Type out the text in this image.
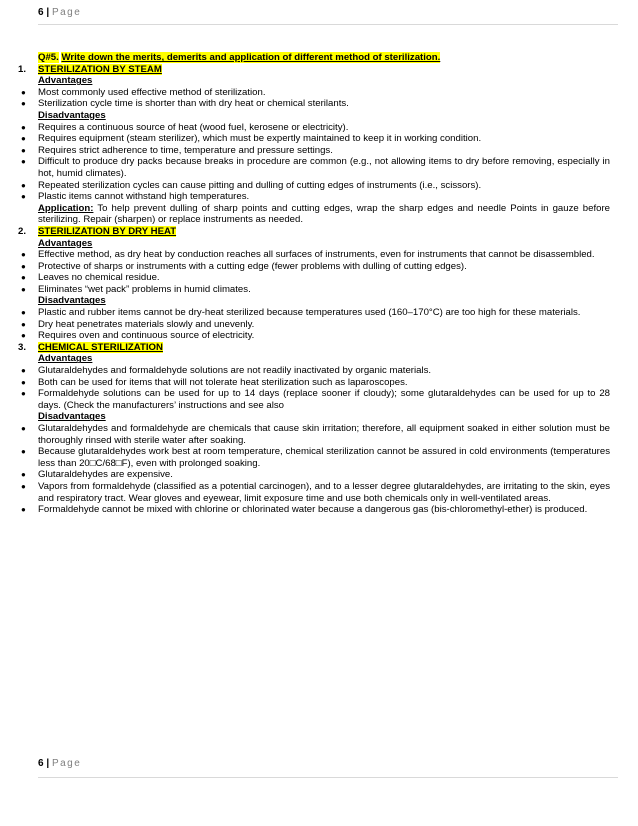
6 | Page
Q#5. Write down the merits, demerits and application of different method of sterilization.
1. STERILIZATION BY STEAM
Advantages
● Most commonly used effective method of sterilization.
● Sterilization cycle time is shorter than with dry heat or chemical sterilants.
Disadvantages
● Requires a continuous source of heat (wood fuel, kerosene or electricity).
● Requires equipment (steam sterilizer), which must be expertly maintained to keep it in working condition.
● Requires strict adherence to time, temperature and pressure settings.
● Difficult to produce dry packs because breaks in procedure are common (e.g., not allowing items to dry before removing, especially in hot, humid climates).
● Repeated sterilization cycles can cause pitting and dulling of cutting edges of instruments (i.e., scissors).
● Plastic items cannot withstand high temperatures.
Application: To help prevent dulling of sharp points and cutting edges, wrap the sharp edges and needle Points in gauze before sterilizing. Repair (sharpen) or replace instruments as needed.
2. STERILIZATION BY DRY HEAT
Advantages
● Effective method, as dry heat by conduction reaches all surfaces of instruments, even for instruments that cannot be disassembled.
● Protective of sharps or instruments with a cutting edge (fewer problems with dulling of cutting edges).
● Leaves no chemical residue.
● Eliminates “wet pack” problems in humid climates.
Disadvantages
● Plastic and rubber items cannot be dry-heat sterilized because temperatures used (160–170°C) are too high for these materials.
● Dry heat penetrates materials slowly and unevenly.
● Requires oven and continuous source of electricity.
3. CHEMICAL STERILIZATION
Advantages
● Glutaraldehydes and formaldehyde solutions are not readily inactivated by organic materials.
● Both can be used for items that will not tolerate heat sterilization such as laparoscopes.
● Formaldehyde solutions can be used for up to 14 days (replace sooner if cloudy); some glutaraldehydes can be used for up to 28 days. (Check the manufacturers’ instructions and see also
Disadvantages
● Glutaraldehydes and formaldehyde are chemicals that cause skin irritation; therefore, all equipment soaked in either solution must be thoroughly rinsed with sterile water after soaking.
● Because glutaraldehydes work best at room temperature, chemical sterilization cannot be assured in cold environments (temperatures less than 20□C/68□F), even with prolonged soaking.
● Glutaraldehydes are expensive.
● Vapors from formaldehyde (classified as a potential carcinogen), and to a lesser degree glutaraldehydes, are irritating to the skin, eyes and respiratory tract. Wear gloves and eyewear, limit exposure time and use both chemicals only in well-ventilated areas.
● Formaldehyde cannot be mixed with chlorine or chlorinated water because a dangerous gas (bis-chloromethyl-ether) is produced.
6 | Page
